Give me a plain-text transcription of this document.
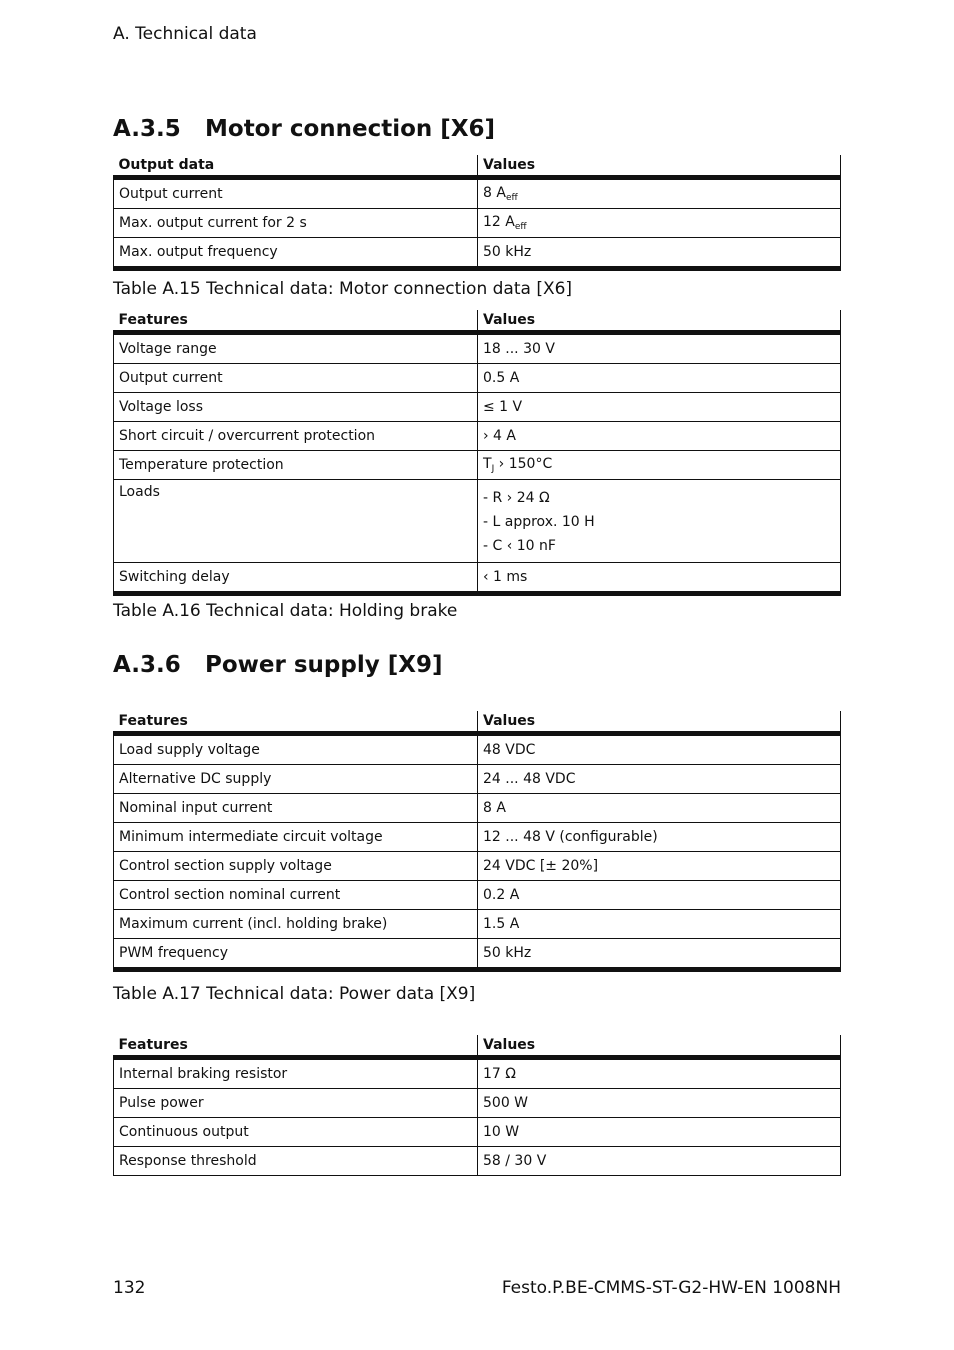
A. Technical data
A.3.5	Motor connection [X6]
Output data	Values
Output current	8 $A_{eff}$
Max. output current for 2 s	12 $A_{eff}$
Max. output frequency	50 kHz
Table A.15 Technical data: Motor connection data [X6]
Features	Values
Voltage range	18 ... 30 V
Output current	0.5 A
Voltage loss	≤ 1 V
Short circuit / overcurrent protection	› 4 A
Temperature protection	$T_J$ › 150°C
Loads	- R › 24 Ω
- L approx. 10 H
- C ‹ 10 nF

Switching delay	‹ 1 ms
Table A.16 Technical data: Holding brake
A.3.6	Power supply [X9]
Features	Values
Load supply voltage	48 VDC
Alternative DC supply	24 ... 48 VDC
Nominal input current	8 A
Minimum intermediate circuit voltage	12 ... 48 V (configurable)
Control section supply voltage	24 VDC [± 20%]
Control section nominal current	0.2 A
Maximum current (incl. holding brake)	1.5 A
PWM frequency	50 kHz
Table A.17 Technical data: Power data [X9]
Features	Values
Internal braking resistor	17 Ω
Pulse power	500 W
Continuous output	10 W
Response threshold	58 / 30 V
132	Festo.P.BE-CMMS-ST-G2-HW-EN 1008NH
